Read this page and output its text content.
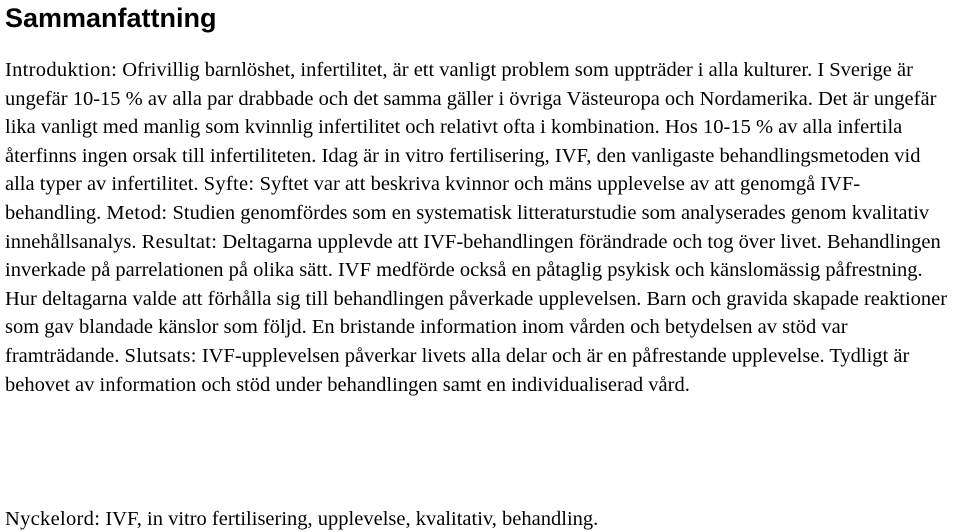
Sammanfattning

Introduktion: Ofrivillig barnlöshet, infertilitet, är ett vanligt problem som uppträder i alla kulturer. I Sverige är ungefär 10-15 % av alla par drabbade och det samma gäller i övriga Västeuropa och Nordamerika. Det är ungefär lika vanligt med manlig som kvinnlig infertilitet och relativt ofta i kombination. Hos 10-15 % av alla infertila återfinns ingen orsak till infertiliteten. Idag är in vitro fertilisering, IVF, den vanligaste behandlingsmetoden vid alla typer av infertilitet. Syfte: Syftet var att beskriva kvinnor och mäns upplevelse av att genomgå IVF-behandling. Metod: Studien genomfördes som en systematisk litteraturstudie som analyserades genom kvalitativ innehållsanalys. Resultat: Deltagarna upplevde att IVF-behandlingen förändrade och tog över livet. Behandlingen inverkade på parrelationen på olika sätt. IVF medförde också en påtaglig psykisk och känslomässig påfrestning. Hur deltagarna valde att förhålla sig till behandlingen påverkade upplevelsen. Barn och gravida skapade reaktioner som gav blandade känslor som följd. En bristande information inom vården och betydelsen av stöd var framträdande. Slutsats: IVF-upplevelsen påverkar livets alla delar och är en påfrestande upplevelse. Tydligt är behovet av information och stöd under behandlingen samt en individualiserad vård.

Nyckelord: IVF, in vitro fertilisering, upplevelse, kvalitativ, behandling.
